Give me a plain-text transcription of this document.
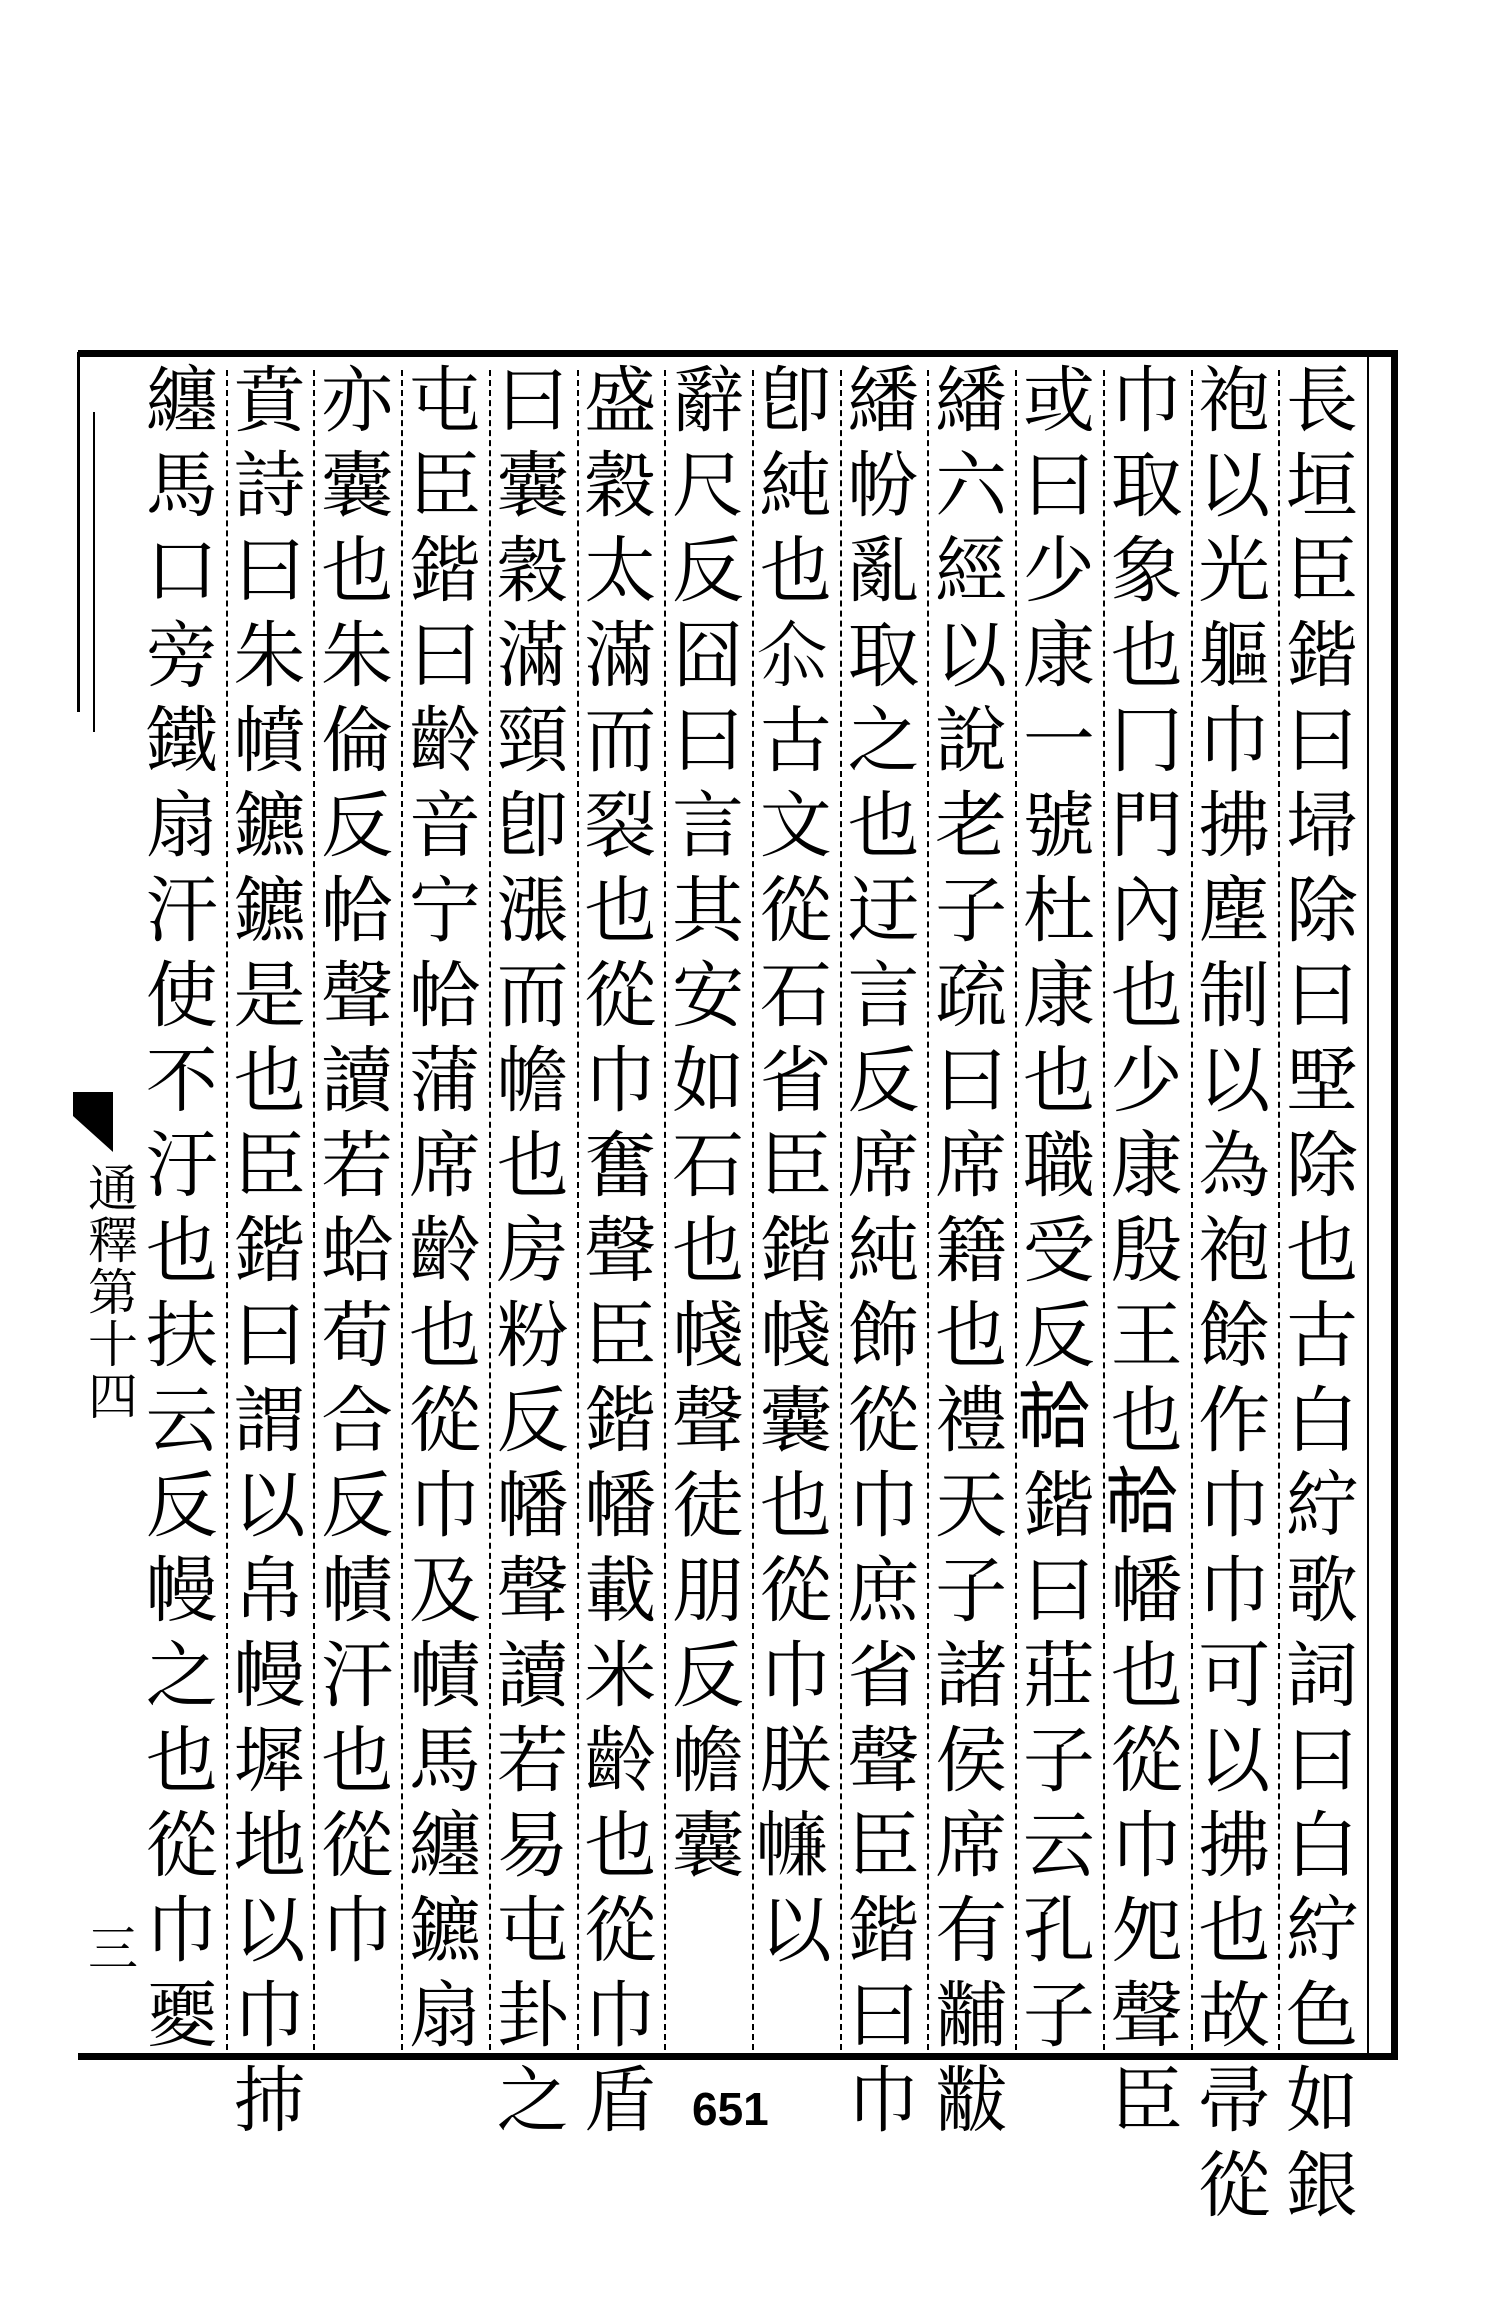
通釋第十四
三	長垣臣鍇曰埽除曰㙒除也古白紵歌詞曰白紵色如銀
袍以光軀巾拂塵制以為袍餘作巾巾可以拂也故帚從
巾取象也冂門內也少康殷王也𢂷幡也從巾夗聲臣
或曰少康一號杜康也職受反𢂷鍇曰莊子云孔子
繙六經以說老子疏曰席籍也禮天子諸侯席有黼黻
繙帉亂取之也迂言反席純飾從巾庶省聲臣鍇曰巾
卽純也𠇍古文從石省臣鍇帴囊也從巾朕𢅏以
辭尺反囧曰言其安如石也帴聲徒朋反幨囊
盛穀太滿而裂也從巾奮聲臣鍇幡載米齡也從巾盾
曰囊穀滿頸卽漲而幨也房粉反幡聲讀若易屯卦之
屯臣鍇曰齡音宁帢蒲席齡也從巾及幘馬纏鑣扇
亦囊也朱倫反帢聲讀若蛤荀合反幘汗也從巾
賁詩曰朱幩鑣鑣是也臣鍇曰謂以帛幔墀地以巾㧊
纏馬口旁鐵扇汗使不汙也扶云反幔之也從巾夒
651
